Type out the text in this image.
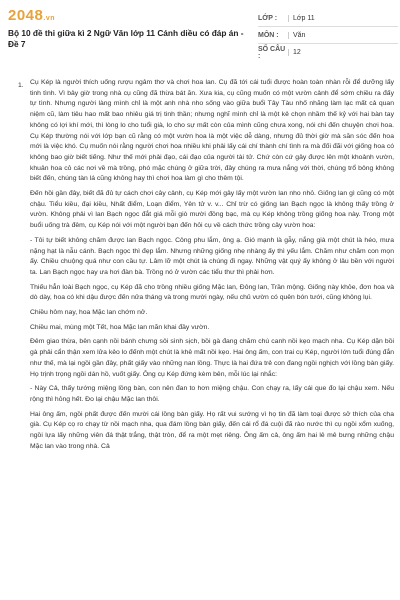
2048.vn
Bộ 10 đề thi giữa kì 2 Ngữ Văn lớp 11 Cánh diều có đáp án - Đề 7
LỚP :	Lớp 11
MÔN :	Văn
SỐ CÂU :	12
1. Cụ Kép là người thích uống rượu ngâm thơ và chơi hoa lan. Cụ đã tới cái tuổi được hoàn toàn nhàn rỗi để dưỡng lấy tinh tình. Vì bây giờ trong nhà cụ cũng đã thừa bát ăn. Xưa kia, cụ cũng muốn có một vườn cảnh để sớm chiều ra đấy tự tình. Nhưng người làng mình chỉ là một anh nhà nho sống vào giữa buổi Tây Tàu nhố nhăng làm lạc mất cả quan niệm cũ, làm tiêu hao mất bao nhiêu giá trị tinh thần; nhưng nghĩ mình chỉ là một kẻ chọn nhầm thế kỷ với hai bàn tay không có lợi khí mới, thì lòng lo cho tuổi già, lo cho sự mất còn của mình cũng chưa xong, nói chi đến chuyện chơi hoa. Cụ Kép thường nói với lớp bạn cũ rằng có một vườn hoa là một việc dễ dàng, nhưng đủ thời giờ mà săn sóc đến hoa mới là việc khó. Cụ muốn nói rằng người chơi hoa nhiều khi phải lấy cái chí thành chí tình ra mà đối đãi với giống hoa có không bao giờ biết tiếng. Như thế mới phải đạo, cái đạo của người tài tử. Chứ còn cứ gây được lên một khoảnh vườn, khuân hoa cỏ các nơi về mà trồng, phó mặc chúng ở giữa trời, đây chúng ra mưa nắng với thời, chúng trổ bông không biết đến, chúng tàn lá cũng không hay thì chơi hoa làm gì cho thêm tội.

Đến hồi gần đây, biết đã đủ tự cách chơi cây cảnh, cụ Kép mới gây lấy một vườn lan nho nhỏ. Giống lan gì cũng có một chậu. Tiểu kiều, đại kiều, Nhất điểm, Loạn điểm, Yên tử v. v... Chỉ trừ có giống lan Bạch ngọc là không thấy trồng ở vườn. Không phải vì lan Bạch ngọc đắt giá mỗi giò mười đồng bạc, mà cụ Kép không trồng giống hoa này. Trong một buổi uống trà đêm, cụ Kép nói với một người bạn đến hỏi cụ về cách thức trồng cây vườn hoa:

- Tôi tự biết không chăm được lan Bạch ngọc. Công phu lắm, ông ạ. Gió mạnh là gẫy, nắng già một chút là héo, mưa nặng hạt là nẫu cánh. Bạch ngọc thì đẹp lắm. Nhưng những giống nhẹ nhàng ấy thì yếu lắm. Chăm như chăm con mọn ấy. Chiều chuộng quá như con cầu tự. Lâm lỡ một chút là chúng đi ngay. Những vật quý ấy không ở lâu bền với người ta. Lan Bạch ngọc hay ưa hơi đàn bà. Trồng nó ở vườn các tiểu thư thì phải hơn.

Thiếu hẳn loài Bạch ngọc, cụ Kép đã cho trồng nhiều giống Mặc lan, Đông lan, Trần mộng. Giống này khỏe, đơn hoa và dò dày, hoa có khi dậu được đến nửa tháng và trong mười ngày, nếu chủ vườn có quên bón tưới, cũng không lụi.

Chiều hôm nay, hoa Mặc lan chớm nở.

Chiều mai, mùng một Tết, hoa Mặc lan mãn khai đầy vườn.

Đêm giao thừa, bên cạnh nồi bánh chưng sôi sình sịch, bồi gà đang chăm chú canh nồi kẹo mạch nha. Cụ Kép dặn bồi gà phải cẩn thận xem lửa kẻo lo đếnh một chút là khê mất nồi kẹo. Hai ông ấm, con trai cụ Kép, người lớn tuổi đúng đắn như thế, mà lại ngồi gần đây, phất giấy vào những nan lồng. Thực là hai đứa trẻ con đang ngồi nghịch với lồng bàn giấy. Họ trịnh trọng ngồi dán hồ, vuốt giấy. Ông cụ Kép đứng kèm bên, mỗi lúc lại nhắc:

- Này Cả, thấy tướng miệng lồng bàn, con nên đan to hơn miệng chậu. Con chạy ra, lấy cái que đo lại chậu xem. Nếu rộng thì hỏng hết. Đo lại chậu Mặc lan thôi.

Hai ông ấm, ngồi phất được đến mười cái lồng bàn giấy. Họ rất vui sướng vì họ tin đã làm toại được sở thích của cha già. Cụ Kép cọ ro chạy từ nồi mạch nha, qua đám lồng bàn giấy, đến cái rổ đá cuội đã rào nước thì cụ ngồi xổm xuống, ngồi lựa lấy những viên đá thật trắng, thật tròn, để ra một mẹt riêng. Ông ấm cả, ông ấm hai lê mê bưng những chậu Mặc lan vào trong nhà. Cả
